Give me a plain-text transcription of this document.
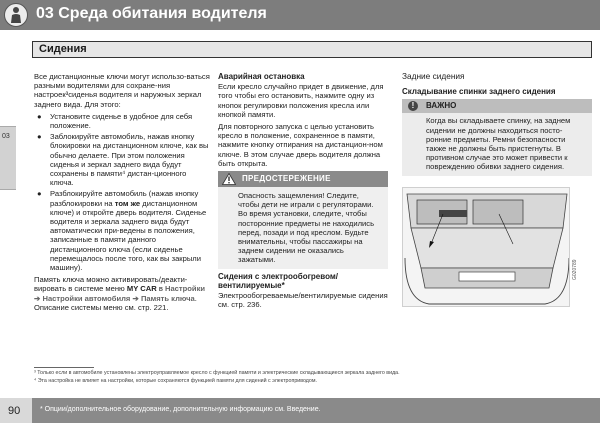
03 Среда обитания водителя
Сидения
03

Все дистанционные ключи могут использо-ваться разными водителями для сохране-ния настроек³сиденья водителя и наружных зеркал заднего вида. Для этого:

● Установите сиденье в удобное для себя положение.
● Заблокируйте автомобиль, нажав кнопку блокировки на дистанционном ключе, как вы обычно делаете. При этом положения сиденья и зеркал заднего вида будут сохранены в памяти⁴ дистан-ционного ключа.
● Разблокируйте автомобиль (нажав кнопку разблокировки на том же дистанционном ключе) и откройте дверь водителя. Сиденье водителя и зеркала заднего вида будут автоматически при-ведены в положения, записанные в памяти данного дистанционного ключа (если сиденье перемещалось после того, как вы закрыли машину).

Память ключа можно активировать/деакти-вировать в системе меню MY CAR в Настройки ➔ Настройки автомобиля ➔ Память ключа. Описание системы меню см. стр. 221.

Аварийная остановка

Если кресло случайно придет в движение, для того чтобы его остановить, нажмите одну из кнопок регулировки положения кресла или кнопкой памяти.

Для повторного запуска с целью установить кресло в положение, сохраненное в памяти, нажмите кнопку отпирания на дистанцион-ном ключе. В этом случае дверь водителя должна быть открыта.

ПРЕДОСТЕРЕЖЕНИЕ
Опасность защемления! Следите, чтобы дети не играли с регуляторами. Во время установки, следите, чтобы посторонние предметы не находились перед, позади и под креслом. Будьте внимательны, чтобы пассажиры на заднем сидении не оказались зажатыми.
Сидения с электрообогревом/ вентилируемые*

Электрообогреваемые/вентилируемые сидения см. стр. 236.

Задние сидения
Складывание спинки заднего сидения
!	ВАЖНО
Когда вы складываете спинку, на заднем сидении не должны находиться посто-ронние предметы. Ремни безопасности также не должны быть пристегнуты. В противном случае это может привести к повреждению обивки заднего сидения.
G020789
³ Только если в автомобиле установлены электроуправляемое кресло с функцией памяти и электрические складывающиеся зеркала заднего вида.
⁴ Эта настройка не влияет на настройки, которые сохраняются функцией памяти для сидений с электроприводом.
90	* Опции/дополнительное оборудование, дополнительную информацию см. Введение.
